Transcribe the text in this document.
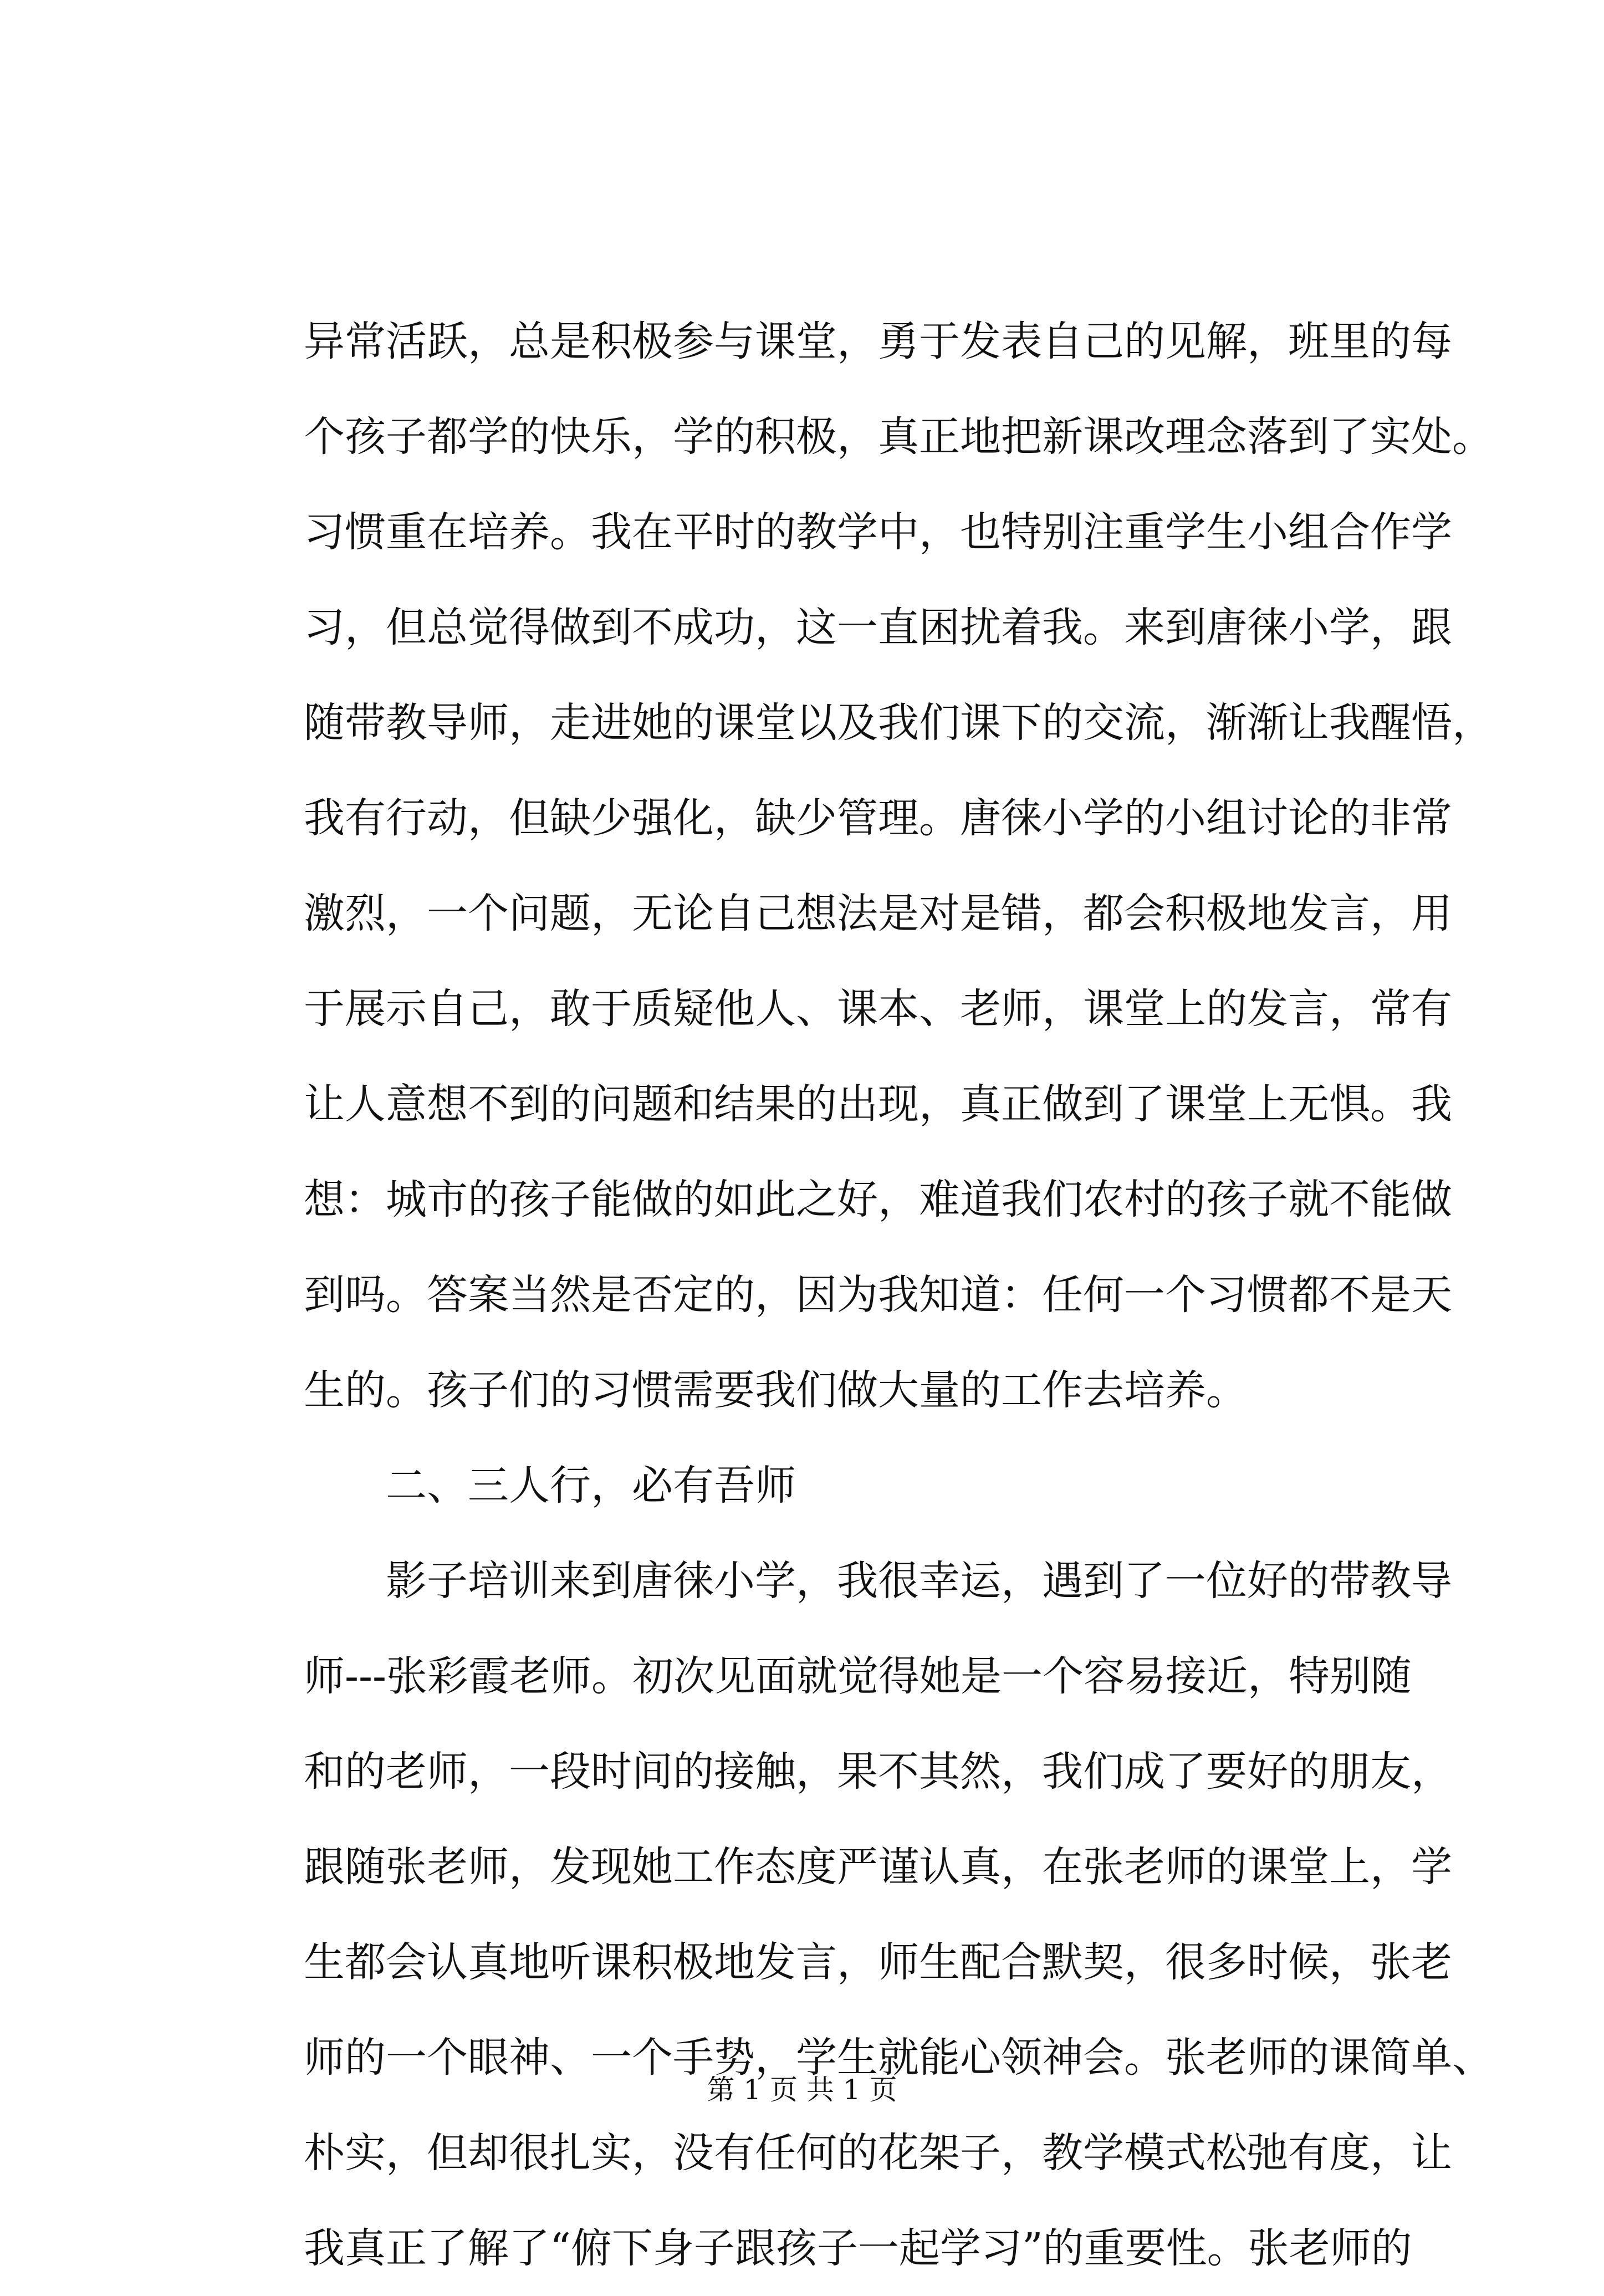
异常活跃，总是积极参与课堂，勇于发表自己的见解，班里的每
个孩子都学的快乐，学的积极，真正地把新课改理念落到了实处。
习惯重在培养。我在平时的教学中，也特别注重学生小组合作学
习，但总觉得做到不成功，这一直困扰着我。来到唐徕小学，跟
随带教导师，走进她的课堂以及我们课下的交流，渐渐让我醒悟，
我有行动，但缺少强化，缺少管理。唐徕小学的小组讨论的非常
激烈，一个问题，无论自己想法是对是错，都会积极地发言，用
于展示自己，敢于质疑他人、课本、老师，课堂上的发言，常有
让人意想不到的问题和结果的出现，真正做到了课堂上无惧。我
想：城市的孩子能做的如此之好，难道我们农村的孩子就不能做
到吗。答案当然是否定的，因为我知道：任何一个习惯都不是天
生的。孩子们的习惯需要我们做大量的工作去培养。
　　二、三人行，必有吾师
　　影子培训来到唐徕小学，我很幸运，遇到了一位好的带教导
师---张彩霞老师。初次见面就觉得她是一个容易接近，特别随
和的老师，一段时间的接触，果不其然，我们成了要好的朋友，
跟随张老师，发现她工作态度严谨认真，在张老师的课堂上，学
生都会认真地听课积极地发言，师生配合默契，很多时候，张老
师的一个眼神、一个手势，学生就能心领神会。张老师的课简单、
朴实，但却很扎实，没有任何的花架子，教学模式松弛有度，让
我真正了解了“俯下身子跟孩子一起学习”的重要性。张老师的
第 1 页 共 1 页
